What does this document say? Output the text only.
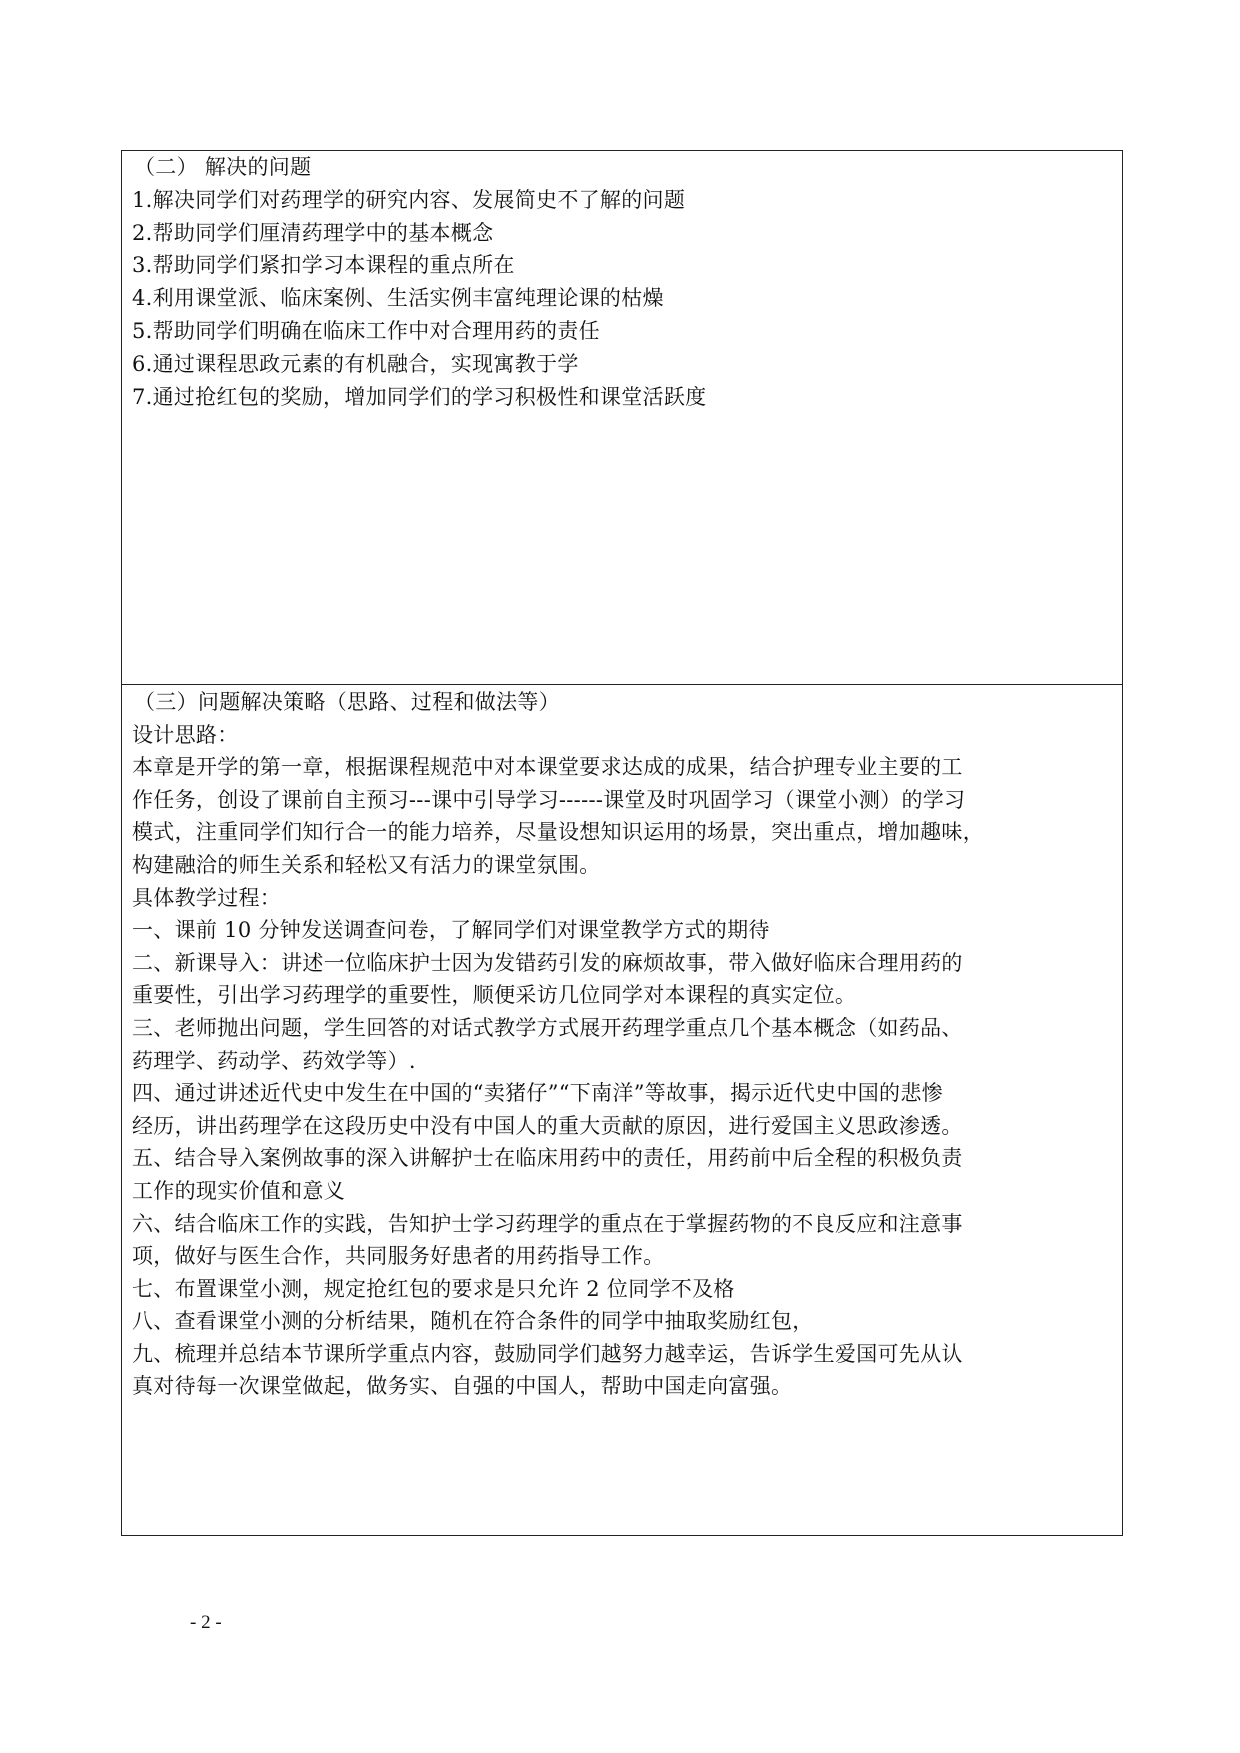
（二） 解决的问题
1.解决同学们对药理学的研究内容、发展简史不了解的问题
2.帮助同学们厘清药理学中的基本概念
3.帮助同学们紧扣学习本课程的重点所在
4.利用课堂派、临床案例、生活实例丰富纯理论课的枯燥
5.帮助同学们明确在临床工作中对合理用药的责任
6.通过课程思政元素的有机融合，实现寓教于学
7.通过抢红包的奖励，增加同学们的学习积极性和课堂活跃度
（三）问题解决策略（思路、过程和做法等）
设计思路：
本章是开学的第一章，根据课程规范中对本课堂要求达成的成果，结合护理专业主要的工
作任务，创设了课前自主预习---课中引导学习------课堂及时巩固学习（课堂小测）的学习
模式，注重同学们知行合一的能力培养，尽量设想知识运用的场景，突出重点，增加趣味，
构建融洽的师生关系和轻松又有活力的课堂氛围。
具体教学过程：
一、课前 10 分钟发送调查问卷，了解同学们对课堂教学方式的期待
二、新课导入：讲述一位临床护士因为发错药引发的麻烦故事，带入做好临床合理用药的
重要性，引出学习药理学的重要性，顺便采访几位同学对本课程的真实定位。
三、老师抛出问题，学生回答的对话式教学方式展开药理学重点几个基本概念（如药品、
药理学、药动学、药效学等）.
四、通过讲述近代史中发生在中国的“卖猪仔”“下南洋”等故事，揭示近代史中国的悲惨
经历，讲出药理学在这段历史中没有中国人的重大贡献的原因，进行爱国主义思政渗透。
五、结合导入案例故事的深入讲解护士在临床用药中的责任，用药前中后全程的积极负责
工作的现实价值和意义
六、结合临床工作的实践，告知护士学习药理学的重点在于掌握药物的不良反应和注意事
项，做好与医生合作，共同服务好患者的用药指导工作。
七、布置课堂小测，规定抢红包的要求是只允许 2 位同学不及格
八、查看课堂小测的分析结果，随机在符合条件的同学中抽取奖励红包，
九、梳理并总结本节课所学重点内容，鼓励同学们越努力越幸运，告诉学生爱国可先从认
真对待每一次课堂做起，做务实、自强的中国人，帮助中国走向富强。
- 2 -
